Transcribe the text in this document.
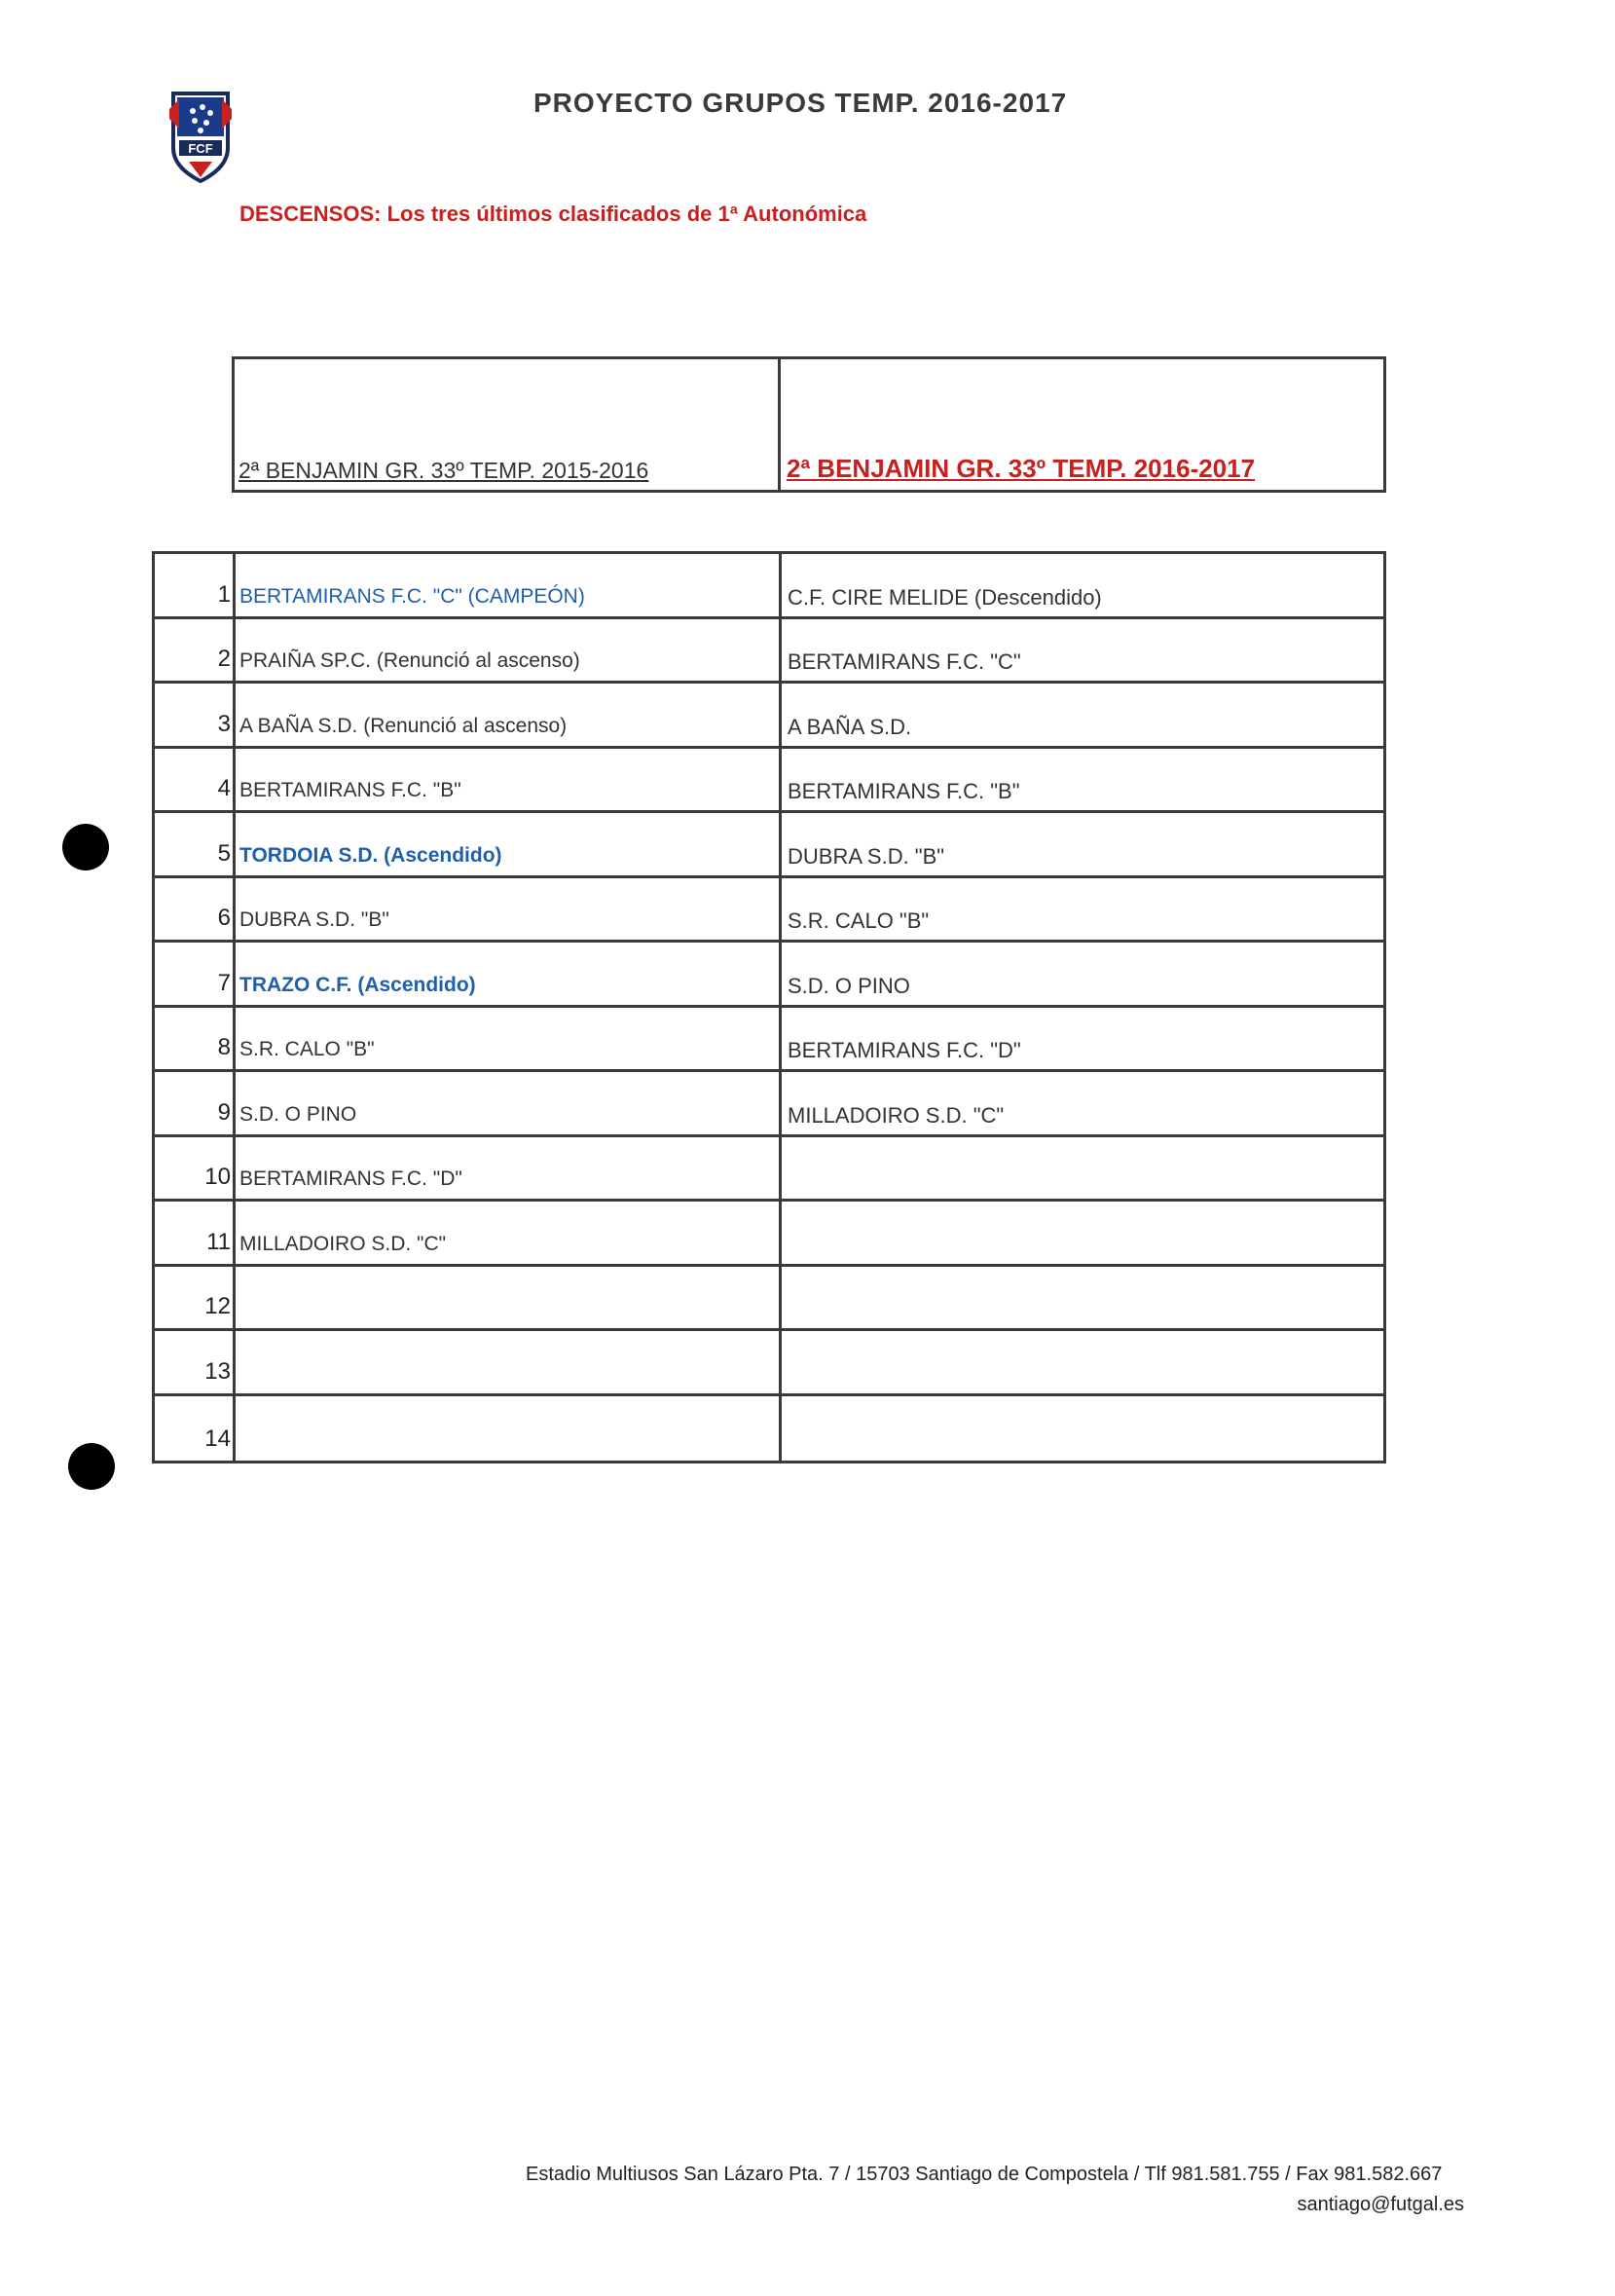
FCF
PROYECTO GRUPOS TEMP. 2016-2017
DESCENSOS: Los tres últimos clasificados de 1ª Autonómica
2ª BENJAMIN GR. 33º TEMP. 2015-2016	2ª BENJAMIN GR. 33º TEMP. 2016-2017
1 BERTAMIRANS F.C. "C" (CAMPEÓN)	C.F. CIRE MELIDE (Descendido)
2 PRAIÑA SP.C. (Renunció al ascenso)	BERTAMIRANS F.C. "C"
3 A BAÑA S.D. (Renunció al ascenso)	A BAÑA S.D.
4 BERTAMIRANS F.C. "B"	BERTAMIRANS F.C. "B"
5 TORDOIA S.D. (Ascendido)	DUBRA S.D. "B"
6 DUBRA S.D. "B"	S.R. CALO "B"
7 TRAZO C.F. (Ascendido)	S.D. O PINO
8 S.R. CALO "B"	BERTAMIRANS F.C. "D"
9 S.D. O PINO	MILLADOIRO S.D. "C"
10 BERTAMIRANS F.C. "D"
11 MILLADOIRO S.D. "C"
12
13
14
Estadio Multiusos San Lázaro Pta. 7 / 15703 Santiago de Compostela / Tlf 981.581.755 / Fax 981.582.667
santiago@futgal.es
